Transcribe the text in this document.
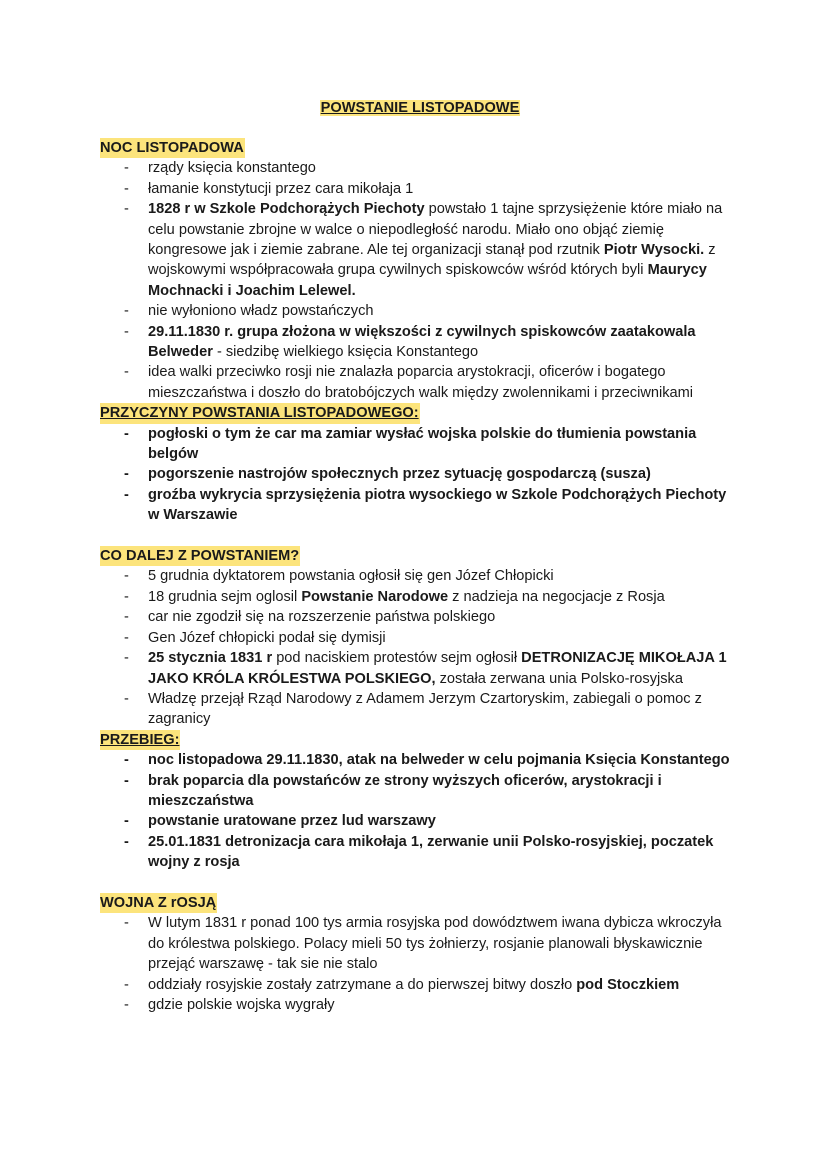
POWSTANIE LISTOPADOWE
NOC LISTOPADOWA
- rządy księcia konstantego
- łamanie konstytucji przez cara mikołaja 1
- 1828 r w Szkole Podchorążych Piechoty powstało 1 tajne sprzysiężenie które miało na celu powstanie zbrojne w walce o niepodległość narodu. Miało ono objąć ziemię kongresowe jak i ziemie zabrane. Ale tej organizacji stanął pod rzutnik Piotr Wysocki. z wojskowymi współpracowała grupa cywilnych spiskowców wśród których byli Maurycy Mochnacki i Joachim Lelewel.
- nie wyłoniono władz powstańczych
- 29.11.1830 r. grupa złożona w większości z cywilnych spiskowców zaatakowala Belweder - siedzibę wielkiego księcia Konstantego
- idea walki przeciwko rosji nie znalazła poparcia arystokracji, oficerów i bogatego mieszczaństwa i doszło do bratobójczych walk między zwolennikami i przeciwnikami
PRZYCZYNY POWSTANIA LISTOPADOWEGO:
- pogłoski o tym że car ma zamiar wysłać wojska polskie do tłumienia powstania belgów
- pogorszenie nastrojów społecznych przez sytuację gospodarczą (susza)
- groźba wykrycia sprzysiężenia piotra wysockiego w Szkole Podchorążych Piechoty w Warszawie
CO DALEJ Z POWSTANIEM?
- 5 grudnia dyktatorem powstania ogłosił się gen Józef Chłopicki
- 18 grudnia sejm oglosil Powstanie Narodowe z nadzieja na negocjacje z Rosja
- car nie zgodził się na rozszerzenie państwa polskiego
- Gen Józef chłopicki podał się dymisji
- 25 stycznia 1831 r pod naciskiem protestów sejm ogłosił DETRONIZACJĘ MIKOŁAJA 1 JAKO KRÓLA KRÓLESTWA POLSKIEGO, została zerwana unia Polsko-rosyjska
- Władzę przejął Rząd Narodowy z Adamem Jerzym Czartoryskim, zabiegali o pomoc z zagranicy
PRZEBIEG:
- noc listopadowa 29.11.1830, atak na belweder w celu pojmania Księcia Konstantego
- brak poparcia dla powstańców ze strony wyższych oficerów, arystokracji i mieszczaństwa
- powstanie uratowane przez lud warszawy
- 25.01.1831 detronizacja cara mikołaja 1, zerwanie unii Polsko-rosyjskiej, poczatek wojny z rosja
WOJNA Z rOSJĄ
- W lutym 1831 r ponad 100 tys armia rosyjska pod dowództwem iwana dybicza wkroczyła do królestwa polskiego. Polacy mieli 50 tys żołnierzy, rosjanie planowali błyskawicznie przejąć warszawę - tak sie nie stalo
- oddziały rosyjskie zostały zatrzymane a do pierwszej bitwy doszło pod Stoczkiem
- gdzie polskie wojska wygrały
